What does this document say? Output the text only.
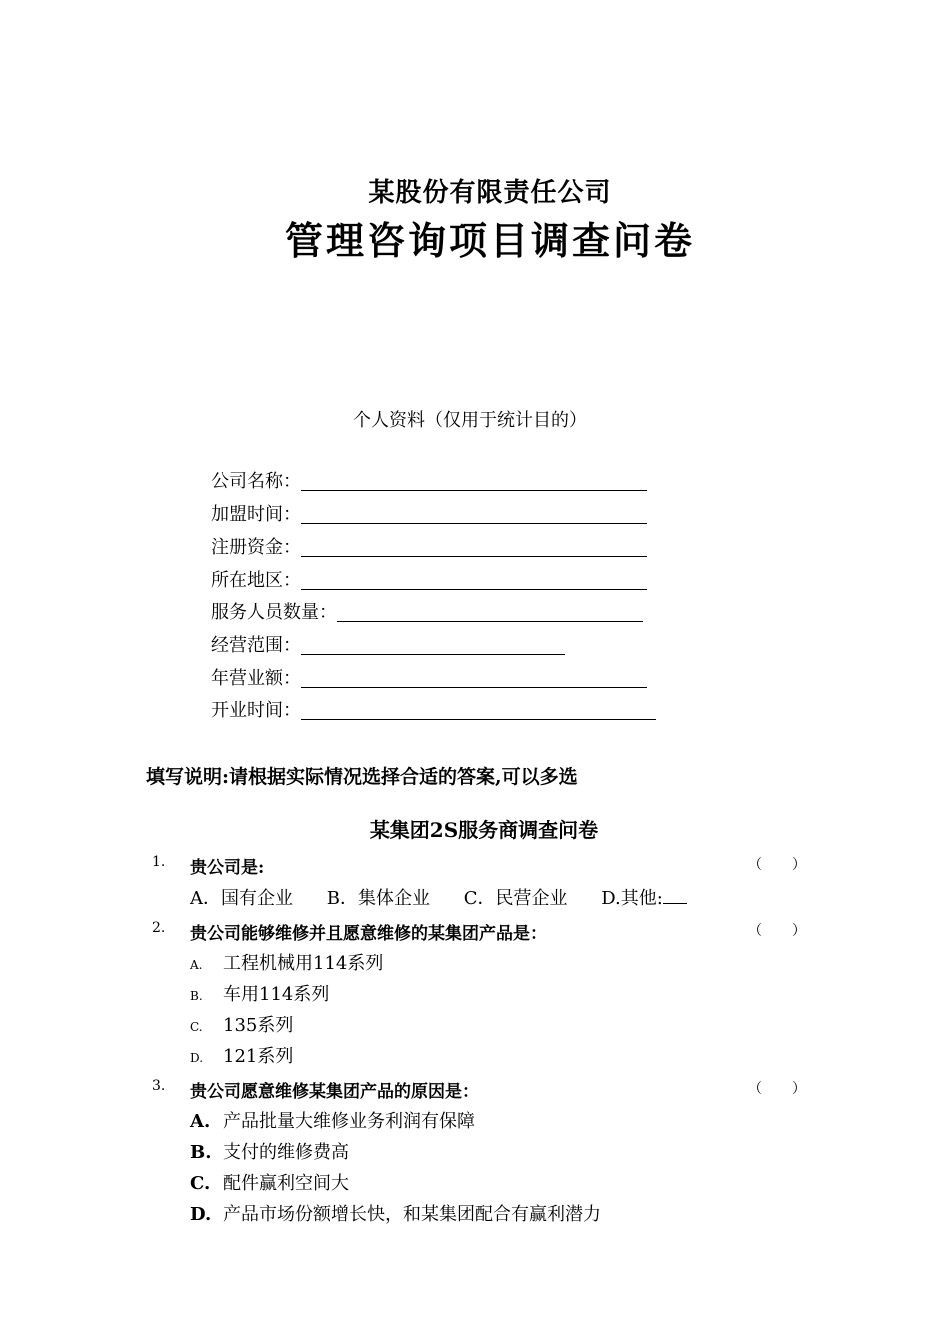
某股份有限责任公司
管理咨询项目调查问卷
个人资料（仅用于统计目的）
公司名称：
加盟时间：
注册资金：
所在地区：
服务人员数量：
经营范围：
年营业额：
开业时间：
填写说明:请根据实际情况选择合适的答案,可以多选
某集团2S服务商调查问卷
1. 贵公司是:	（ ）
A．国有企业 B．集体企业 C．民营企业 D.其他:
2. 贵公司能够维修并且愿意维修的某集团产品是：	（ ）
A.	工程机械用114系列
B.	车用114系列
C.	135系列
D.	121系列
3. 贵公司愿意维修某集团产品的原因是：	（ ）
A. 产品批量大维修业务利润有保障
B. 支付的维修费高
C. 配件赢利空间大
D. 产品市场份额增长快，和某集团配合有赢利潜力
